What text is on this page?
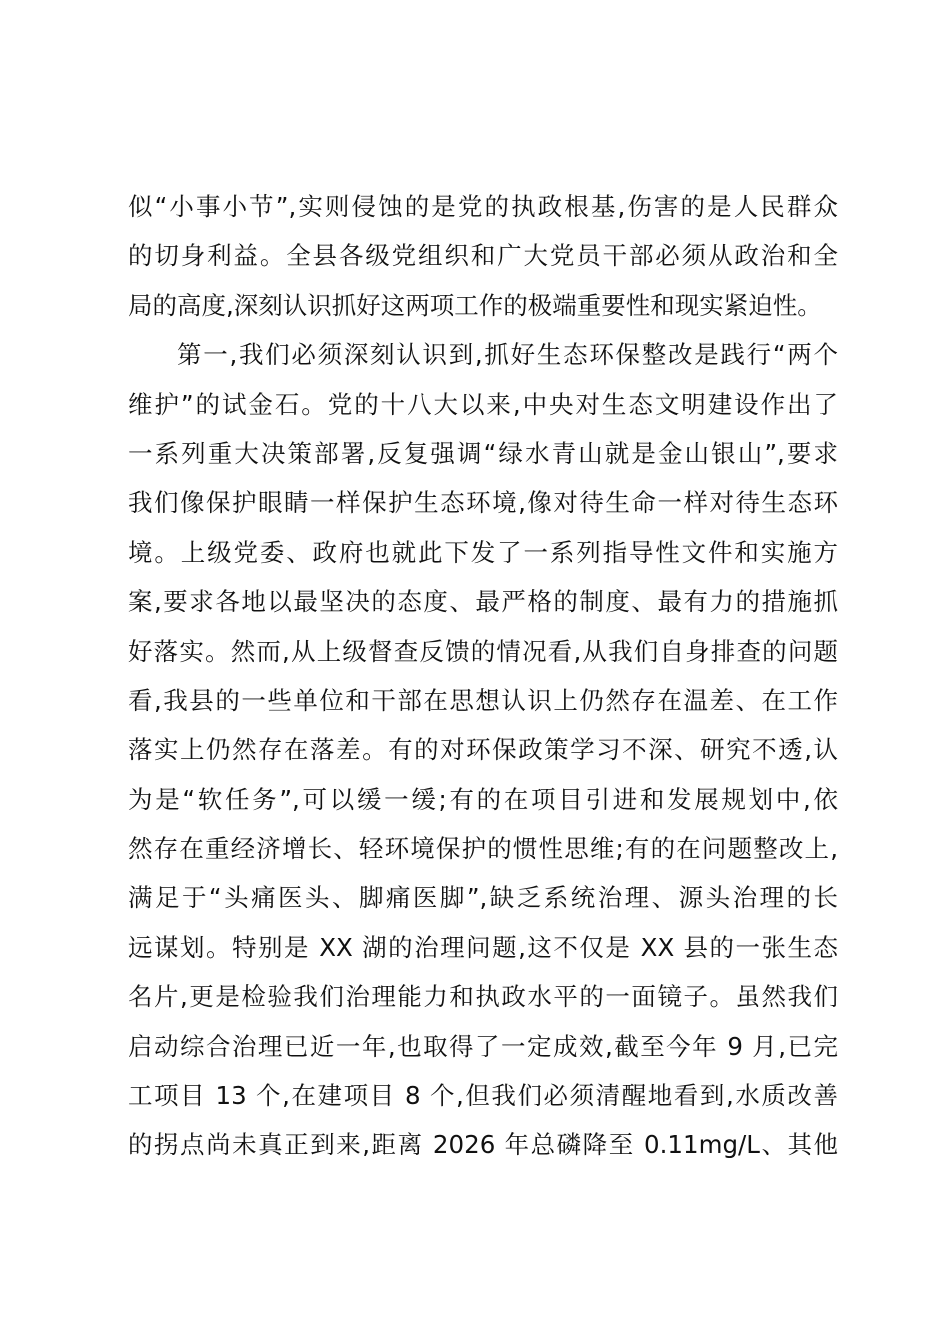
似“小事小节”,实则侵蚀的是党的执政根基,伤害的是人民群众
的切身利益。全县各级党组织和广大党员干部必须从政治和全
局的高度,深刻认识抓好这两项工作的极端重要性和现实紧迫性。
第一,我们必须深刻认识到,抓好生态环保整改是践行“两个
维护”的试金石。党的十八大以来,中央对生态文明建设作出了
一系列重大决策部署,反复强调“绿水青山就是金山银山”,要求
我们像保护眼睛一样保护生态环境,像对待生命一样对待生态环
境。上级党委、政府也就此下发了一系列指导性文件和实施方
案,要求各地以最坚决的态度、最严格的制度、最有力的措施抓
好落实。然而,从上级督查反馈的情况看,从我们自身排查的问题
看,我县的一些单位和干部在思想认识上仍然存在温差、在工作
落实上仍然存在落差。有的对环保政策学习不深、研究不透,认
为是“软任务”,可以缓一缓;有的在项目引进和发展规划中,依
然存在重经济增长、轻环境保护的惯性思维;有的在问题整改上,
满足于“头痛医头、脚痛医脚”,缺乏系统治理、源头治理的长
远谋划。特别是 XX 湖的治理问题,这不仅是 XX 县的一张生态
名片,更是检验我们治理能力和执政水平的一面镜子。虽然我们
启动综合治理已近一年,也取得了一定成效,截至今年 9 月,已完
工项目 13 个,在建项目 8 个,但我们必须清醒地看到,水质改善
的拐点尚未真正到来,距离 2026 年总磷降至 0.11mg/L、其他
